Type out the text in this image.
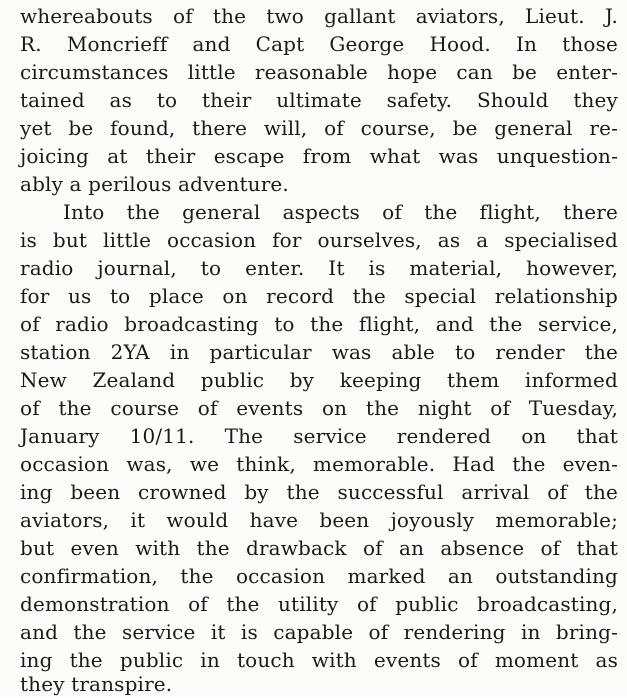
whereabouts of the two gallant aviators, Lieut. J.
R. Moncrieff and Capt George Hood. In those
circumstances little reasonable hope can be enter-
tained as to their ultimate safety. Should they
yet be found, there will, of course, be general re-
joicing at their escape from what was unquestion-
ably a perilous adventure.
Into the general aspects of the flight, there
is but little occasion for ourselves, as a specialised
radio journal, to enter. It is material, however,
for us to place on record the special relationship
of radio broadcasting to the flight, and the service,
station 2YA in particular was able to render the
New Zealand public by keeping them informed
of the course of events on the night of Tuesday,
January 10/11. The service rendered on that
occasion was, we think, memorable. Had the even-
ing been crowned by the successful arrival of the
aviators, it would have been joyously memorable;
but even with the drawback of an absence of that
confirmation, the occasion marked an outstanding
demonstration of the utility of public broadcasting,
and the service it is capable of rendering in bring-
ing the public in touch with events of moment as
they transpire.
